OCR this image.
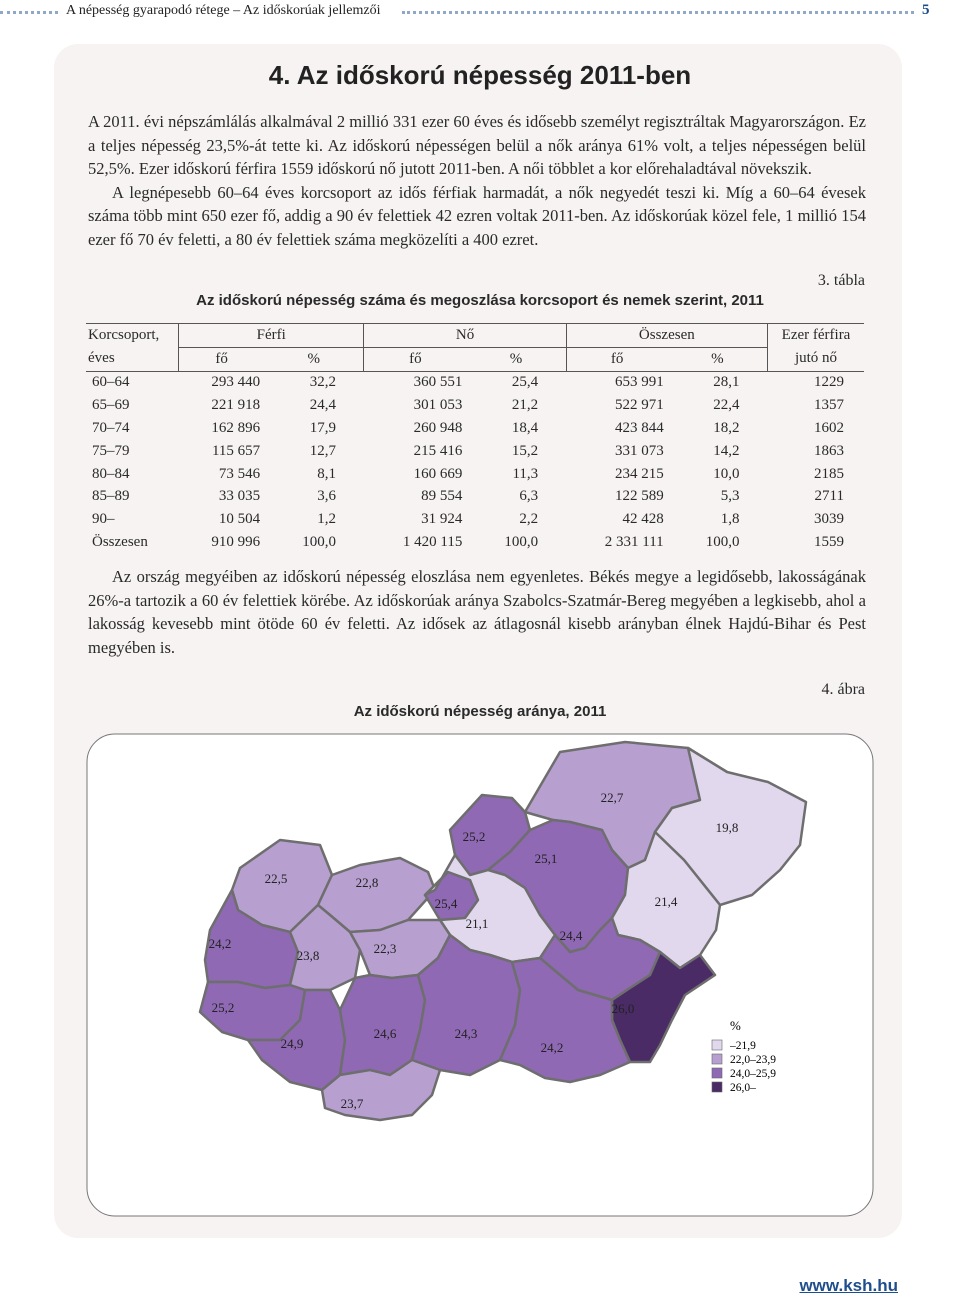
A népesség gyarapodó rétege – Az időskorúak jellemzői	5
4. Az időskorú népesség 2011-ben

A 2011. évi népszámlálás alkalmával 2 millió 331 ezer 60 éves és idősebb személyt regisztráltak Magyarországon. Ez a teljes népesség 23,5%-át tette ki. Az időskorú népességen belül a nők aránya 61% volt, a teljes népességen belül 52,5%. Ezer időskorú férfira 1559 időskorú nő jutott 2011-ben. A női többlet a kor előrehaladtával növekszik.

A legnépesebb 60–64 éves korcsoport az idős férfiak harmadát, a nők negyedét teszi ki. Míg a 60–64 évesek száma több mint 650 ezer fő, addig a 90 év felettiek 42 ezren voltak 2011-ben. Az időskorúak közel fele, 1 millió 154 ezer fő 70 év feletti, a 80 év felettiek száma megközelíti a 400 ezret.

3. tábla
Az időskorú népesség száma és megoszlása korcsoport és nemek szerint, 2011
Korcsoport,	Férfi		Nő		Összesen		Ezer férfira
éves	fő	%	fő	%	fő	%	jutó nő
60–64	293 440	32,2	360 551	25,4	653 991	28,1	1229
65–69	221 918	24,4	301 053	21,2	522 971	22,4	1357
70–74	162 896	17,9	260 948	18,4	423 844	18,2	1602
75–79	115 657	12,7	215 416	15,2	331 073	14,2	1863
80–84	73 546	8,1	160 669	11,3	234 215	10,0	2185
85–89	33 035	3,6	89 554	6,3	122 589	5,3	2711
90–	10 504	1,2	31 924	2,2	42 428	1,8	3039
Összesen	910 996	100,0	1 420 115	100,0	2 331 111	100,0	1559
Az ország megyéiben az időskorú népesség eloszlása nem egyenletes. Békés megye a legidősebb, lakosságának 26%-a tartozik a 60 év felettiek körébe. Az időskorúak aránya Szabolcs-Szatmár-Bereg megyében a legkisebb, ahol a lakosság kevesebb mint ötöde 60 év feletti. Az idősek az átlagosnál kisebb arányban élnek Hajdú-Bihar és Pest megyében is.
4. ábra
Az időskorú népesség aránya, 2011
22,7
19,8
25,2
25,1
22,5	22,8
25,4
21,1
21,4
24,2
23,8	22,3
24,4
25,2	26,0
24,9
24,6	24,3
24,2
23,7
%
–21,9
22,0–23,9
24,0–25,9
26,0–
www.ksh.hu
